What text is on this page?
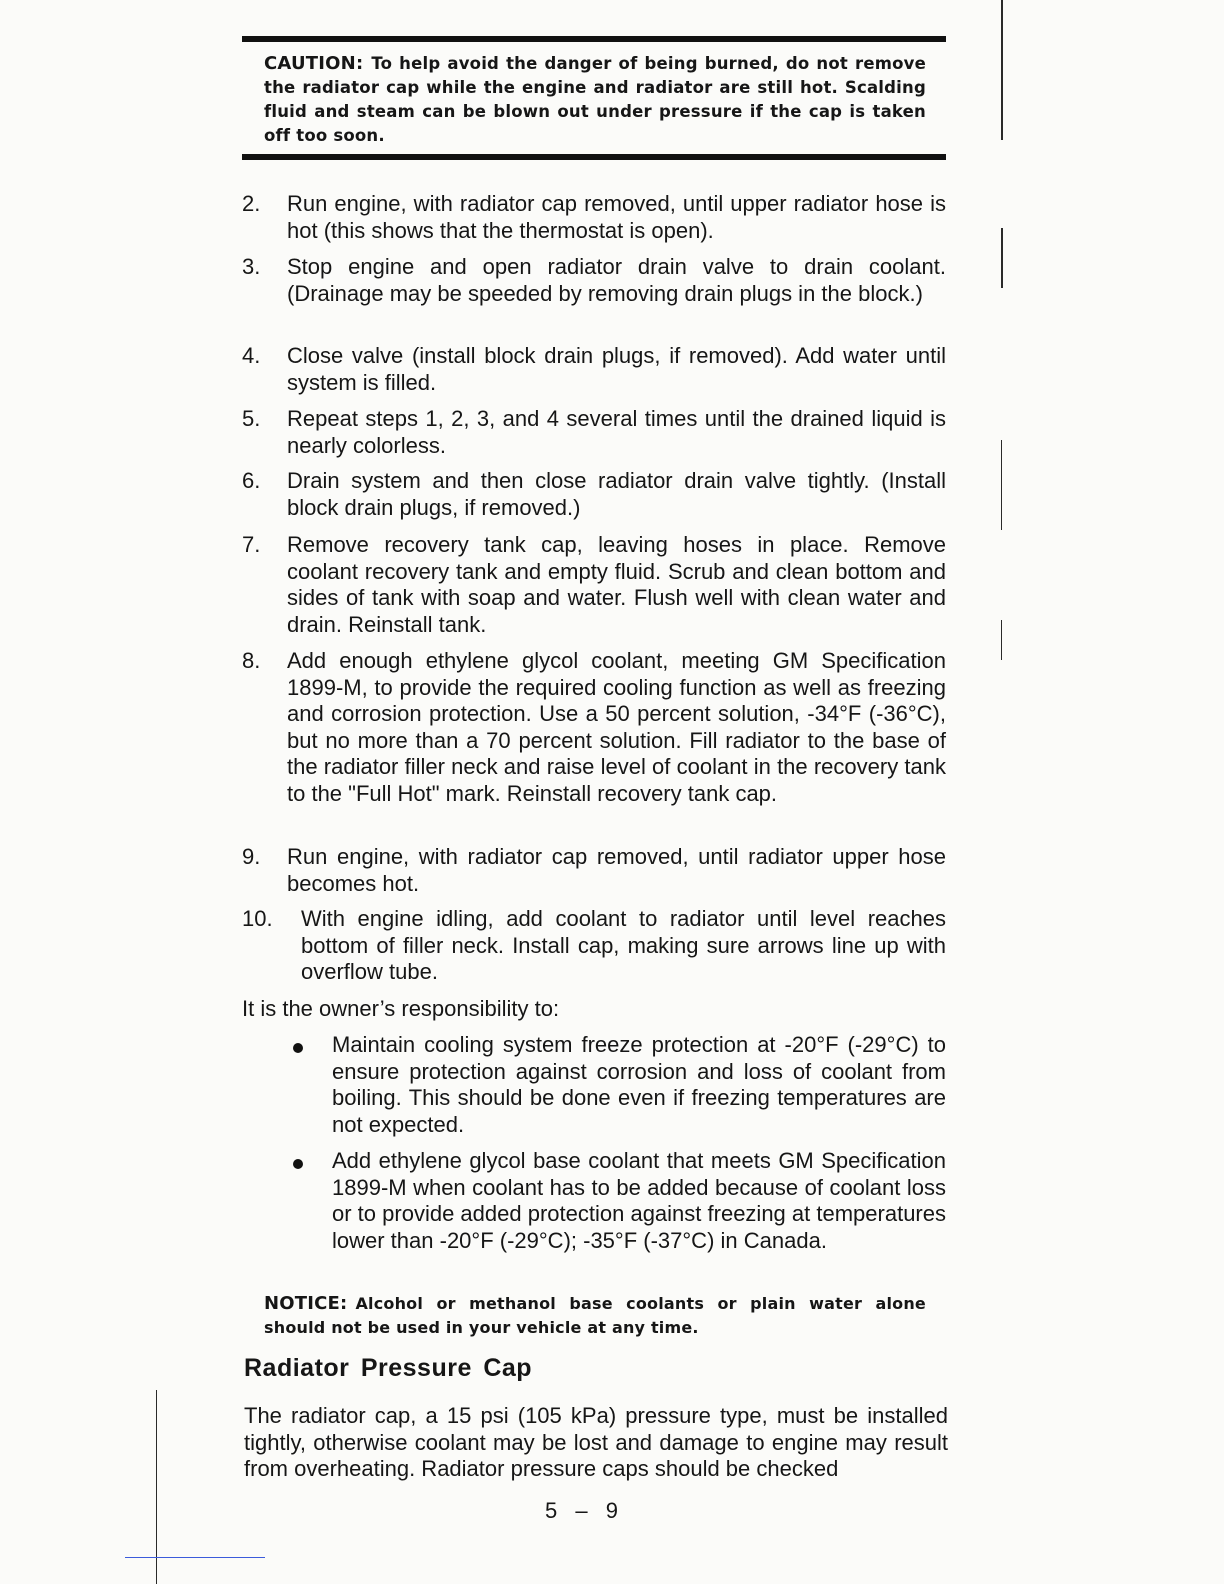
CAUTION: To help avoid the danger of being burned, do not remove the radiator cap while the engine and radiator are still hot. Scalding fluid and steam can be blown out under pressure if the cap is taken off too soon.
2. Run engine, with radiator cap removed, until upper radiator hose is hot (this shows that the thermostat is open).
3. Stop engine and open radiator drain valve to drain coolant. (Drainage may be speeded by removing drain plugs in the block.)
4. Close valve (install block drain plugs, if removed). Add water until system is filled.
5. Repeat steps 1, 2, 3, and 4 several times until the drained liquid is nearly colorless.
6. Drain system and then close radiator drain valve tightly. (Install block drain plugs, if removed.)
7. Remove recovery tank cap, leaving hoses in place. Remove coolant recovery tank and empty fluid. Scrub and clean bottom and sides of tank with soap and water. Flush well with clean water and drain. Reinstall tank.
8. Add enough ethylene glycol coolant, meeting GM Specification 1899-M, to provide the required cooling function as well as freezing and corrosion protection. Use a 50 percent solution, -34°F (-36°C), but no more than a 70 percent solution. Fill radiator to the base of the radiator filler neck and raise level of coolant in the recovery tank to the "Full Hot" mark. Reinstall recovery tank cap.
9. Run engine, with radiator cap removed, until radiator upper hose becomes hot.
10. With engine idling, add coolant to radiator until level reaches bottom of filler neck. Install cap, making sure arrows line up with overflow tube.
It is the owner’s responsibility to:
Maintain cooling system freeze protection at -20°F (-29°C) to ensure protection against corrosion and loss of coolant from boiling. This should be done even if freezing temperatures are not expected.
Add ethylene glycol base coolant that meets GM Specification 1899-M when coolant has to be added because of coolant loss or to provide added protection against freezing at temperatures lower than -20°F (-29°C); -35°F (-37°C) in Canada.
NOTICE: Alcohol or methanol base coolants or plain water alone should not be used in your vehicle at any time.
Radiator Pressure Cap
The radiator cap, a 15 psi (105 kPa) pressure type, must be installed tightly, otherwise coolant may be lost and damage to engine may result from overheating. Radiator pressure caps should be checked
5 – 9
